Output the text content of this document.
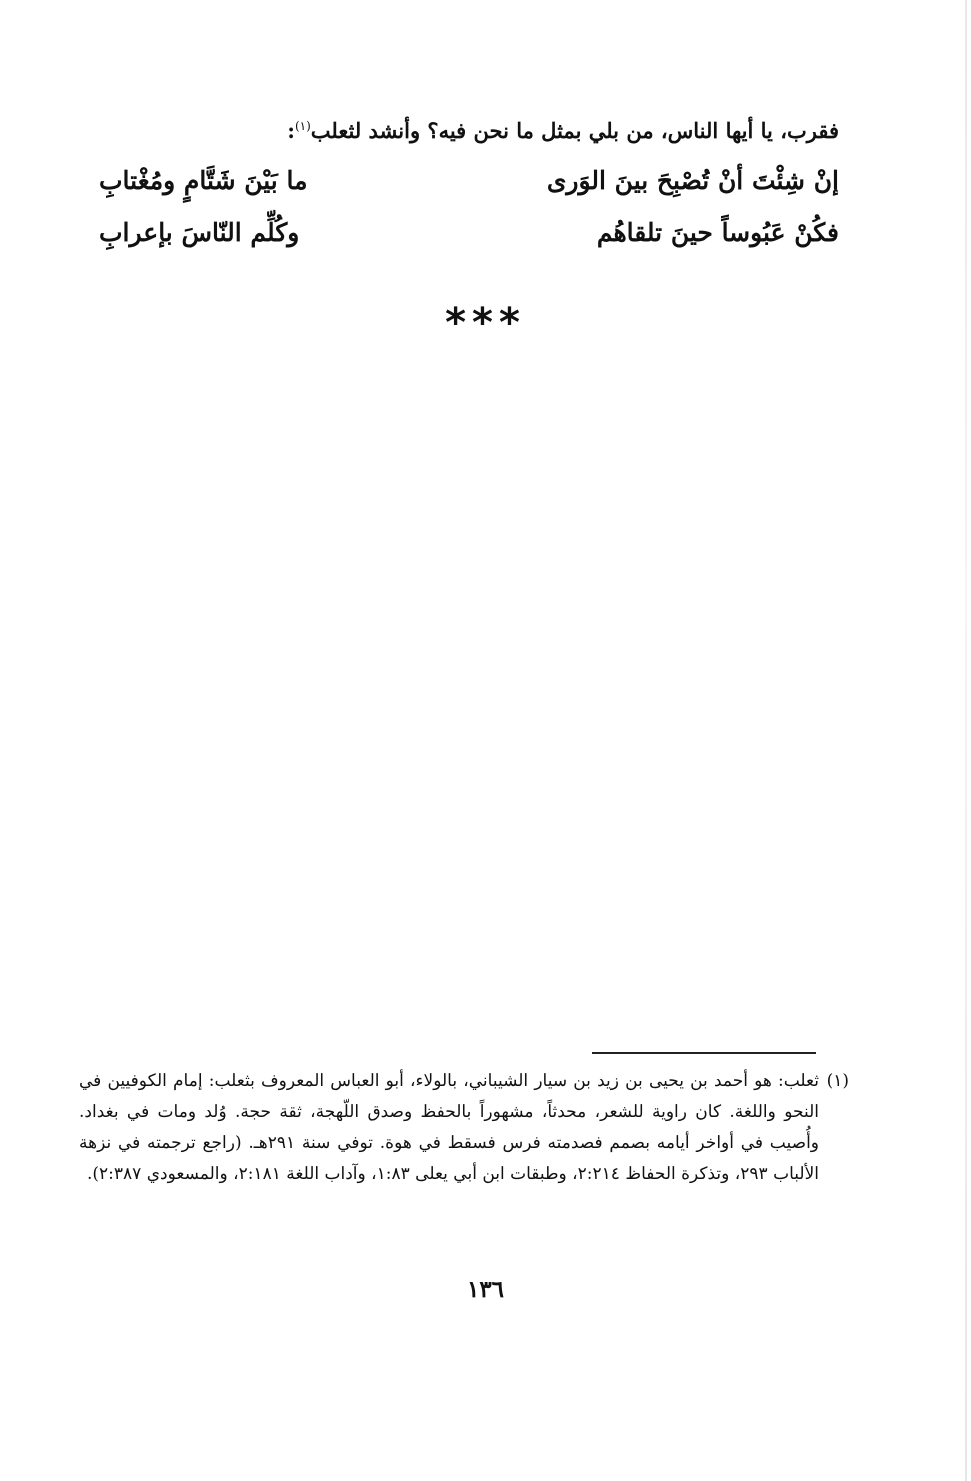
فقرب، يا أيها الناس، من بلي بمثل ما نحن فيه؟ وأنشد لثعلب$^{(١)}$:
إنْ شِئْتَ أنْ تُصْبِحَ بينَ الوَرى
ما بَيْنَ شَتَّامٍ ومُغْتابِ
فكُنْ عَبُوساً حينَ تلقاهُم
وكُلِّم النّاسَ بإعرابِ
***
(١)
ثعلب: هو أحمد بن يحيى بن زيد بن سيار الشيباني، بالولاء، أبو العباس المعروف بثعلب: إمام الكوفيين في النحو واللغة. كان راوية للشعر، محدثاً، مشهوراً بالحفظ وصدق اللّهجة، ثقة حجة. وُلد ومات في بغداد. وأُصيب في أواخر أيامه بصمم فصدمته فرس فسقط في هوة. توفي سنة ٢٩١هـ. (راجع ترجمته في نزهة الألباب ٢٩٣، وتذكرة الحفاظ ٢:٢١٤، وطبقات ابن أبي يعلى ١:٨٣، وآداب اللغة ٢:١٨١، والمسعودي ٢:٣٨٧).
١٣٦
